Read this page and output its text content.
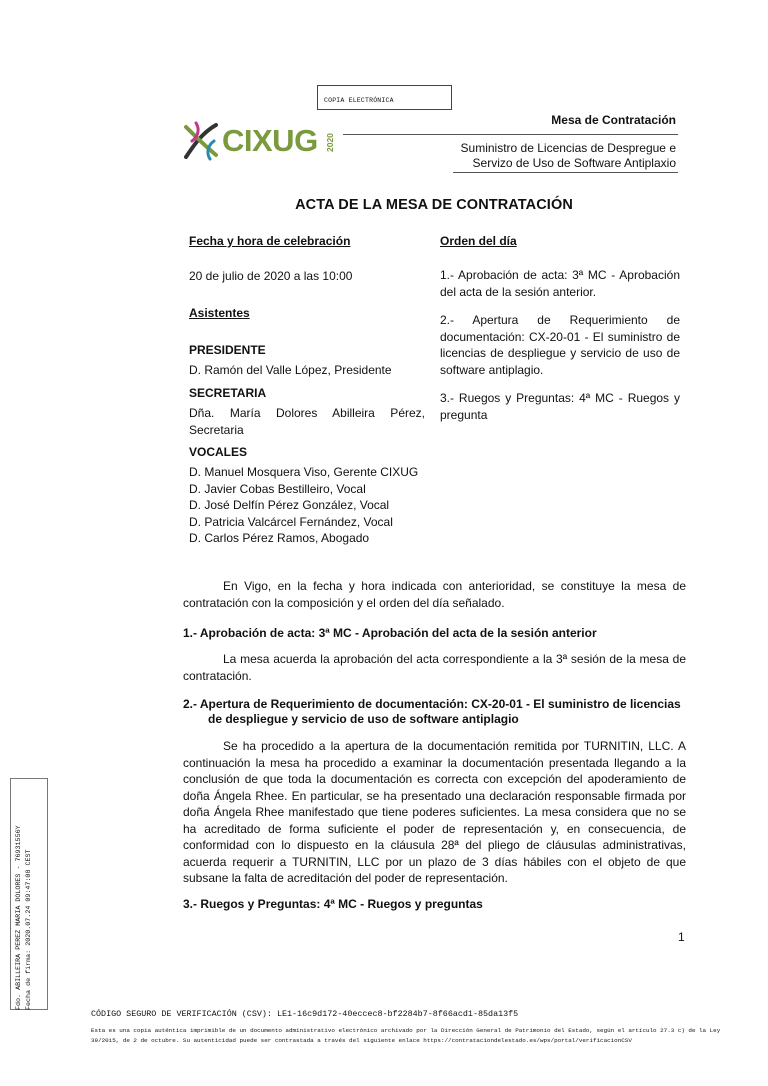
COPIA ELECTRÓNICA
CIXUG 2020
Mesa de Contratación
Suministro de Licencias de Despregue e
Servizo de Uso de Software Antiplaxio
ACTA DE LA MESA DE CONTRATACIÓN
Fecha y hora de celebración
20 de julio de 2020 a las 10:00
Asistentes
PRESIDENTE
D. Ramón del Valle López, Presidente
SECRETARIA
Dña. María Dolores Abilleira Pérez, Secretaria
VOCALES
D. Manuel Mosquera Viso, Gerente CIXUG
D. Javier Cobas Bestilleiro, Vocal
D. José Delfín Pérez González, Vocal
D. Patricia Valcárcel Fernández, Vocal
D. Carlos Pérez Ramos, Abogado
Orden del día
1.- Aprobación de acta: 3ª MC - Aprobación del acta de la sesión anterior.
2.- Apertura de Requerimiento de documentación: CX-20-01 - El suministro de licencias de despliegue y servicio de uso de software antiplagio.
3.- Ruegos y Preguntas: 4ª MC - Ruegos y pregunta
En Vigo, en la fecha y hora indicada con anterioridad, se constituye la mesa de contratación con la composición y el orden del día señalado.
1.- Aprobación de acta: 3ª MC - Aprobación del acta de la sesión anterior
La mesa acuerda la aprobación del acta correspondiente a la 3ª sesión de la mesa de contratación.
2.- Apertura de Requerimiento de documentación: CX-20-01 - El suministro de licencias
de despliegue y servicio de uso de software antiplagio
Se ha procedido a la apertura de la documentación remitida por TURNITIN, LLC. A continuación la mesa ha procedido a examinar la documentación presentada llegando a la conclusión de que toda la documentación es correcta con excepción del apoderamiento de doña Ángela Rhee. En particular, se ha presentado una declaración responsable firmada por doña Ángela Rhee manifestado que tiene poderes suficientes. La mesa considera que no se ha acreditado de forma suficiente el poder de representación y, en consecuencia, de conformidad con lo dispuesto en la cláusula 28ª del pliego de cláusulas administrativas, acuerda requerir a TURNITIN, LLC por un plazo de 3 días hábiles con el objeto de que subsane la falta de acreditación del poder de representación.
3.- Ruegos y Preguntas: 4ª MC - Ruegos y preguntas
1
Fdo. ABILLEIRA PEREZ MARIA DOLORES - 76931556Y Fecha de firma: 2020.07.24 09:47:08 CEST
CÓDIGO SEGURO DE VERIFICACIÓN (CSV): LE1-16c9d172-40eccec8-bf2284b7-8f66acd1-85da13f5
Esta es una copia auténtica imprimible de un documento administrativo electrónico archivado por la Dirección General de Patrimonio del Estado, según el artículo 27.3 c) de la Ley 39/2015, de 2 de octubre. Su autenticidad puede ser contrastada a través del siguiente enlace https://contrataciondelestado.es/wps/portal/verificacionCSV
